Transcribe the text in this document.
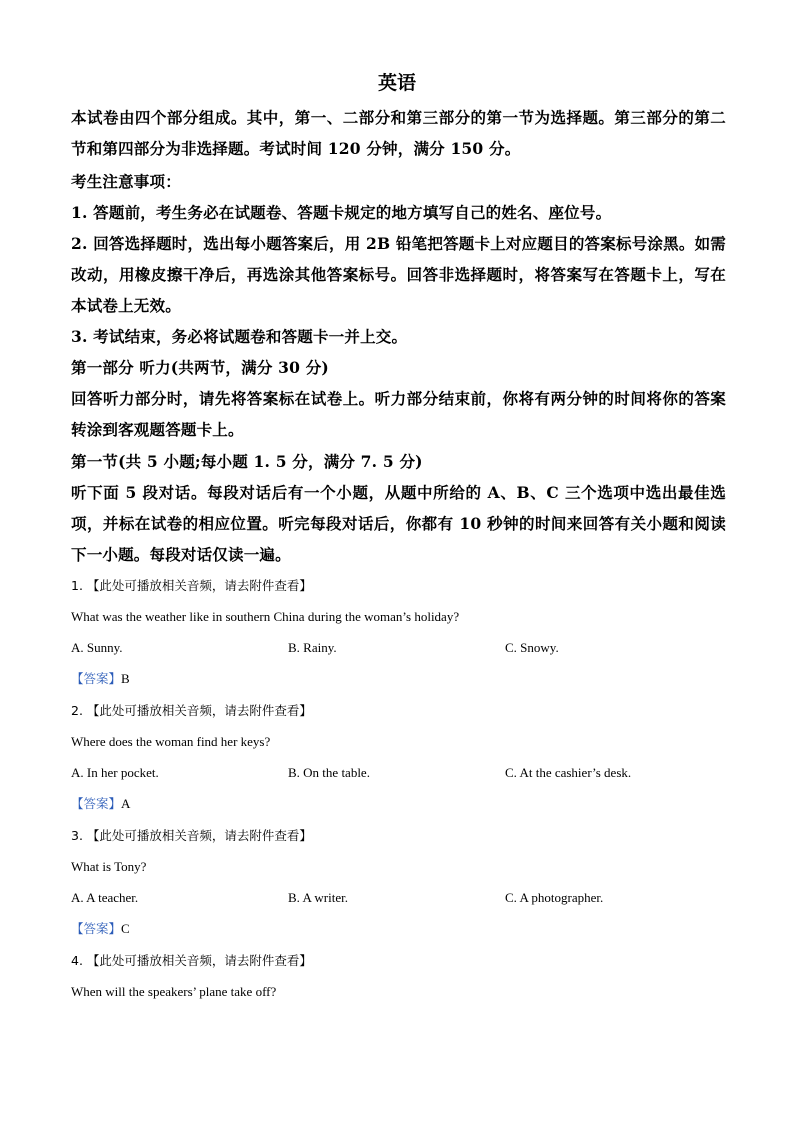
英语

本试卷由四个部分组成。其中，第一、二部分和第三部分的第一节为选择题。第三部分的第二节和第四部分为非选择题。考试时间 120 分钟，满分 150 分。

考生注意事项：

1. 答题前，考生务必在试题卷、答题卡规定的地方填写自己的姓名、座位号。

2. 回答选择题时，选出每小题答案后，用 2B 铅笔把答题卡上对应题目的答案标号涂黑。如需改动，用橡皮擦干净后，再选涂其他答案标号。回答非选择题时，将答案写在答题卡上，写在本试卷上无效。

3. 考试结束，务必将试题卷和答题卡一并上交。

第一部分 听力(共两节，满分 30 分)

回答听力部分时，请先将答案标在试卷上。听力部分结束前，你将有两分钟的时间将你的答案转涂到客观题答题卡上。

第一节(共 5 小题;每小题 1. 5 分，满分 7. 5 分)

听下面 5 段对话。每段对话后有一个小题，从题中所给的 A、B、C 三个选项中选出最佳选项，并标在试卷的相应位置。听完每段对话后，你都有 10 秒钟的时间来回答有关小题和阅读下一小题。每段对话仅读一遍。

1. 【此处可播放相关音频，请去附件查看】
What was the weather like in southern China during the woman’s holiday?
A. Sunny.	B. Rainy.	C. Snowy.
【答案】B
2. 【此处可播放相关音频，请去附件查看】
Where does the woman find her keys?
A. In her pocket.	B. On the table.	C. At the cashier’s desk.
【答案】A
3. 【此处可播放相关音频，请去附件查看】
What is Tony?
A. A teacher.	B. A writer.	C. A photographer.
【答案】C
4. 【此处可播放相关音频，请去附件查看】
When will the speakers’ plane take off?
